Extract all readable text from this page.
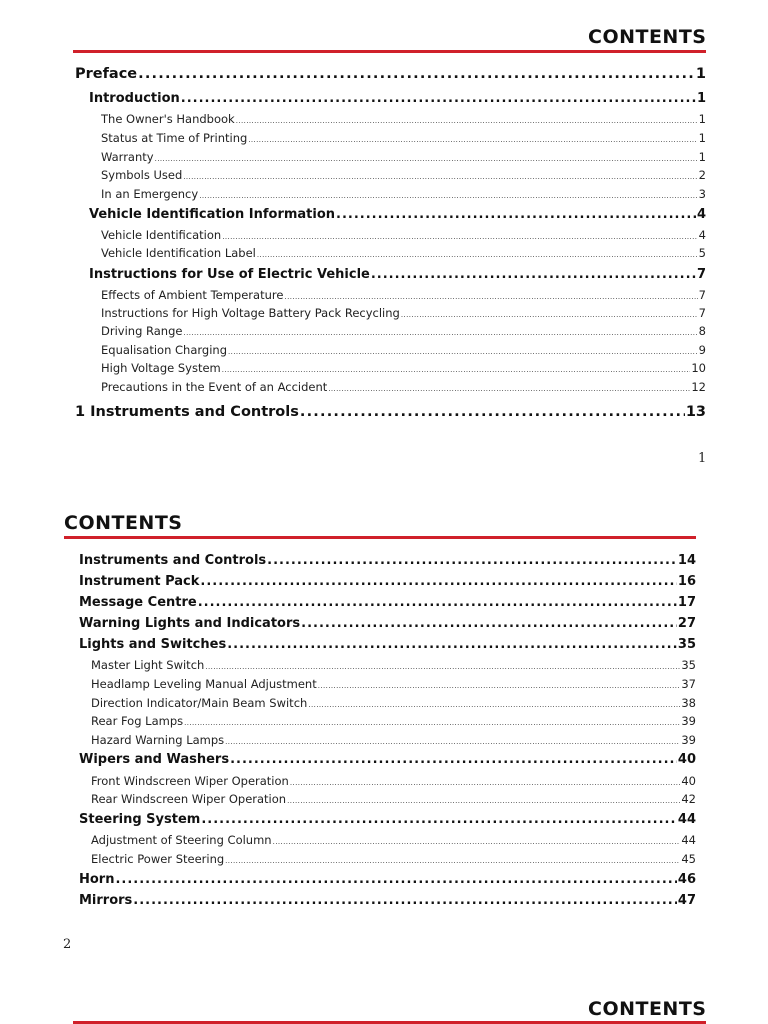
CONTENTS
Preface .....	1
Introduction .....	1
The Owner's Handbook .....	1
Status at Time of Printing .....	1
Warranty .....	1
Symbols Used .....	2
In an Emergency .....	3
Vehicle Identification Information .....	4
Vehicle Identification .....	4
Vehicle Identification Label .....	5
Instructions for Use of Electric Vehicle .....	7
Effects of Ambient Temperature .....	7
Instructions for High Voltage Battery Pack Recycling .....	7
Driving Range .....	8
Equalisation Charging .....	9
High Voltage System .....	10
Precautions in the Event of an Accident .....	12
1 Instruments and Controls .....	13
1
CONTENTS
Instruments and Controls .....	14
Instrument Pack .....	16
Message Centre .....	17
Warning Lights and Indicators .....	27
Lights and Switches .....	35
Master Light Switch .....	35
Headlamp Leveling Manual Adjustment .....	37
Direction Indicator/Main Beam Switch .....	38
Rear Fog Lamps .....	39
Hazard Warning Lamps .....	39
Wipers and Washers .....	40
Front Windscreen Wiper Operation .....	40
Rear Windscreen Wiper Operation .....	42
Steering System .....	44
Adjustment of Steering Column .....	44
Electric Power Steering .....	45
Horn .....	46
Mirrors .....	47
2
CONTENTS
